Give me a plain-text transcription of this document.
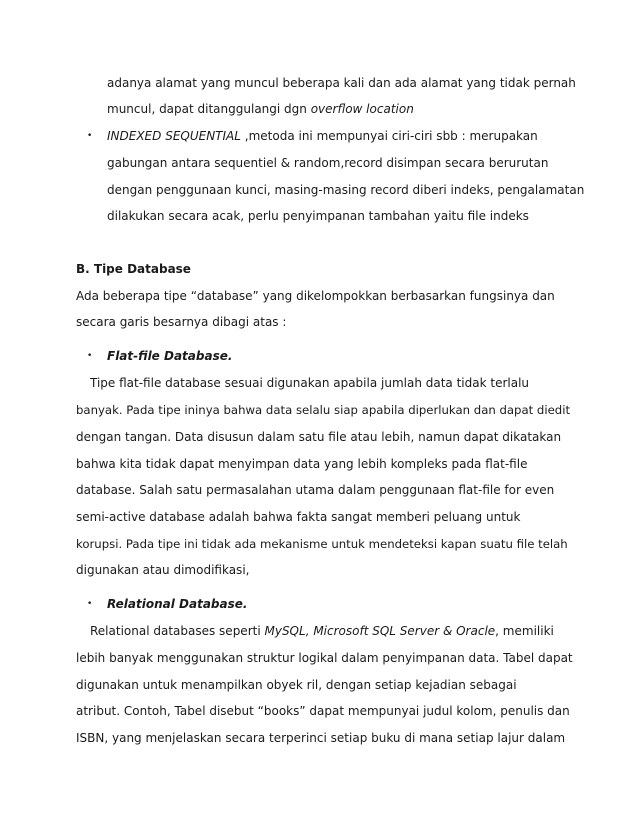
adanya alamat yang muncul beberapa kali dan ada alamat yang tidak pernah
muncul, dapat ditanggulangi dgn overflow location
• INDEXED SEQUENTIAL ,metoda ini mempunyai ciri-ciri sbb : merupakan
gabungan antara sequentiel & random,record disimpan secara berurutan
dengan penggunaan kunci, masing-masing record diberi indeks, pengalamatan
dilakukan secara acak, perlu penyimpanan tambahan yaitu file indeks
B. Tipe Database
Ada beberapa tipe “database” yang dikelompokkan berbasarkan fungsinya dan
secara garis besarnya dibagi atas :
• Flat-file Database.
Tipe flat-file database sesuai digunakan apabila jumlah data tidak terlalu
banyak. Pada tipe ininya bahwa data selalu siap apabila diperlukan dan dapat diedit
dengan tangan. Data disusun dalam satu file atau lebih, namun dapat dikatakan
bahwa kita tidak dapat menyimpan data yang lebih kompleks pada flat-file
database. Salah satu permasalahan utama dalam penggunaan flat-file for even
semi-active database adalah bahwa fakta sangat memberi peluang untuk
korupsi. Pada tipe ini tidak ada mekanisme untuk mendeteksi kapan suatu file telah
digunakan atau dimodifikasi,
• Relational Database.
Relational databases seperti MySQL, Microsoft SQL Server & Oracle, memiliki
lebih banyak menggunakan struktur logikal dalam penyimpanan data. Tabel dapat
digunakan untuk menampilkan obyek ril, dengan setiap kejadian sebagai
atribut. Contoh, Tabel disebut “books” dapat mempunyai judul kolom, penulis dan
ISBN, yang menjelaskan secara terperinci setiap buku di mana setiap lajur dalam
